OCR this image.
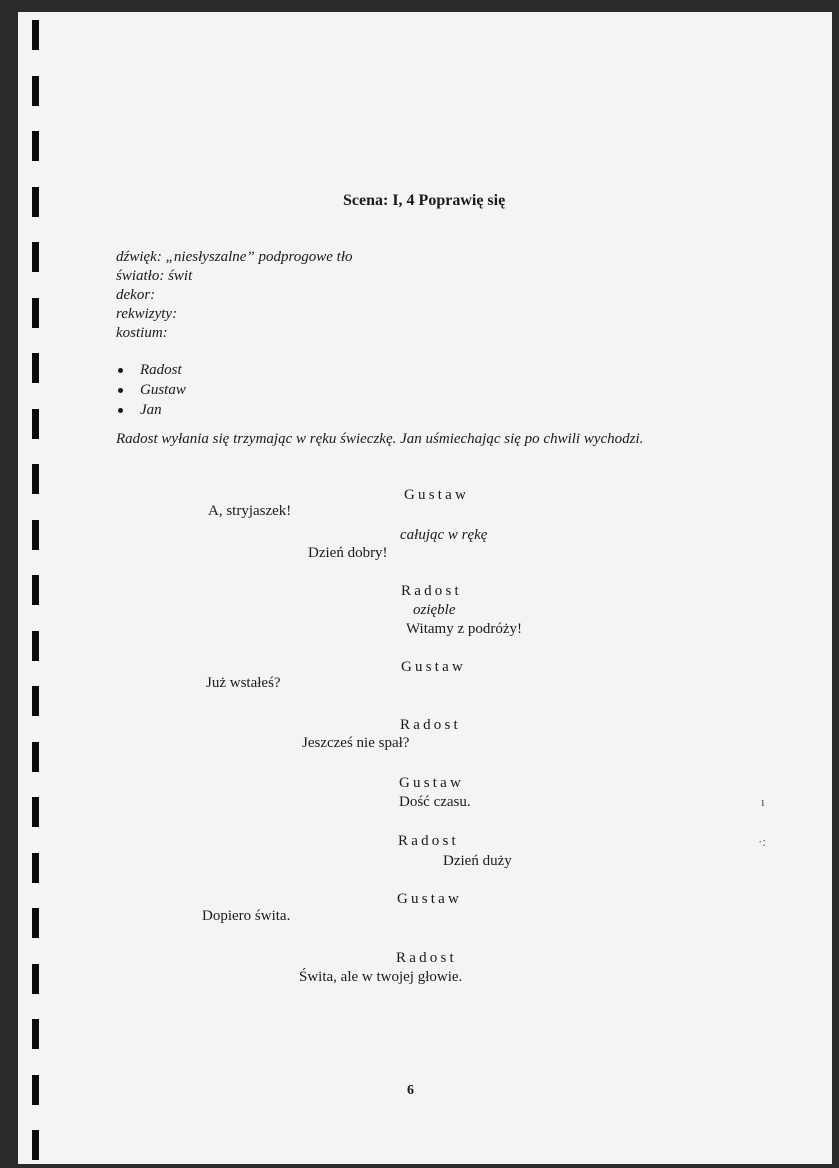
Scena: I, 4 Poprawię się
dźwięk: „niesłyszalne” podprogowe tło
światło: świt
dekor:
rekwizyty:
kostium:
Radost
Gustaw
Jan
Radost wyłania się trzymając w ręku świeczkę. Jan uśmiechając się po chwili wychodzi.
Gustaw
A, stryjaszek!
całując w rękę
Dzień dobry!
Radost
ozięble
Witamy z podróży!
Gustaw
Już wstałeś?
Radost
Jeszcześ nie spał?
Gustaw
Dość czasu.
Radost
Dzień duży
Gustaw
Dopiero świta.
Radost
Świta, ale w twojej głowie.
6
ı
·:
